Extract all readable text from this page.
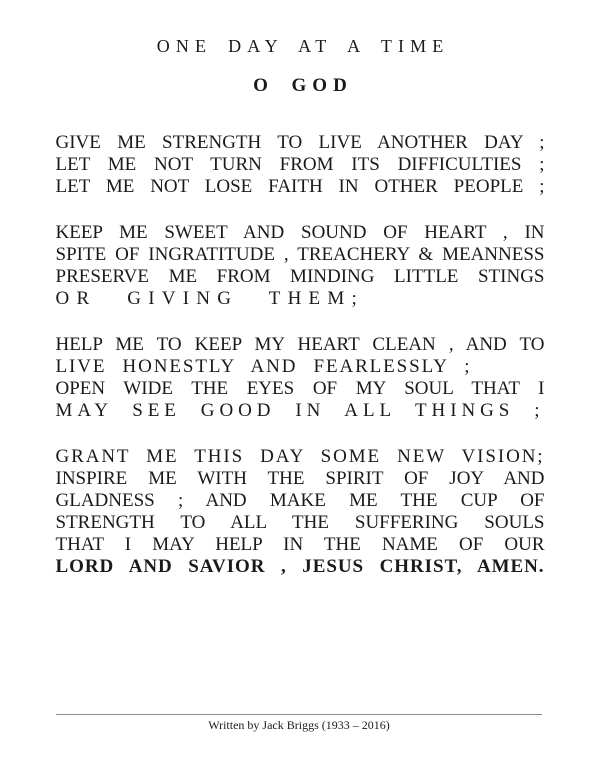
ONE DAY AT A TIME
O GOD
GIVE ME STRENGTH TO LIVE ANOTHER DAY ;
LET ME NOT TURN FROM ITS DIFFICULTIES ;
LET ME NOT LOSE FAITH IN OTHER PEOPLE ;
KEEP ME SWEET AND SOUND OF HEART , IN
SPITE OF INGRATITUDE , TREACHERY & MEANNESS
PRESERVE ME FROM MINDING LITTLE STINGS
OR GIVING THEM;
HELP ME TO KEEP MY HEART CLEAN , AND TO
LIVE HONESTLY AND FEARLESSLY ;
OPEN WIDE THE EYES OF MY SOUL THAT I
MAY SEE GOOD IN ALL THINGS ;
GRANT ME THIS DAY SOME NEW VISION;
INSPIRE ME WITH THE SPIRIT OF JOY AND
GLADNESS ; AND MAKE ME THE CUP OF
STRENGTH TO ALL THE SUFFERING SOULS
THAT I MAY HELP IN THE NAME OF OUR
LORD AND SAVIOR , JESUS CHRIST, AMEN.
Written by Jack Briggs (1933 – 2016)
